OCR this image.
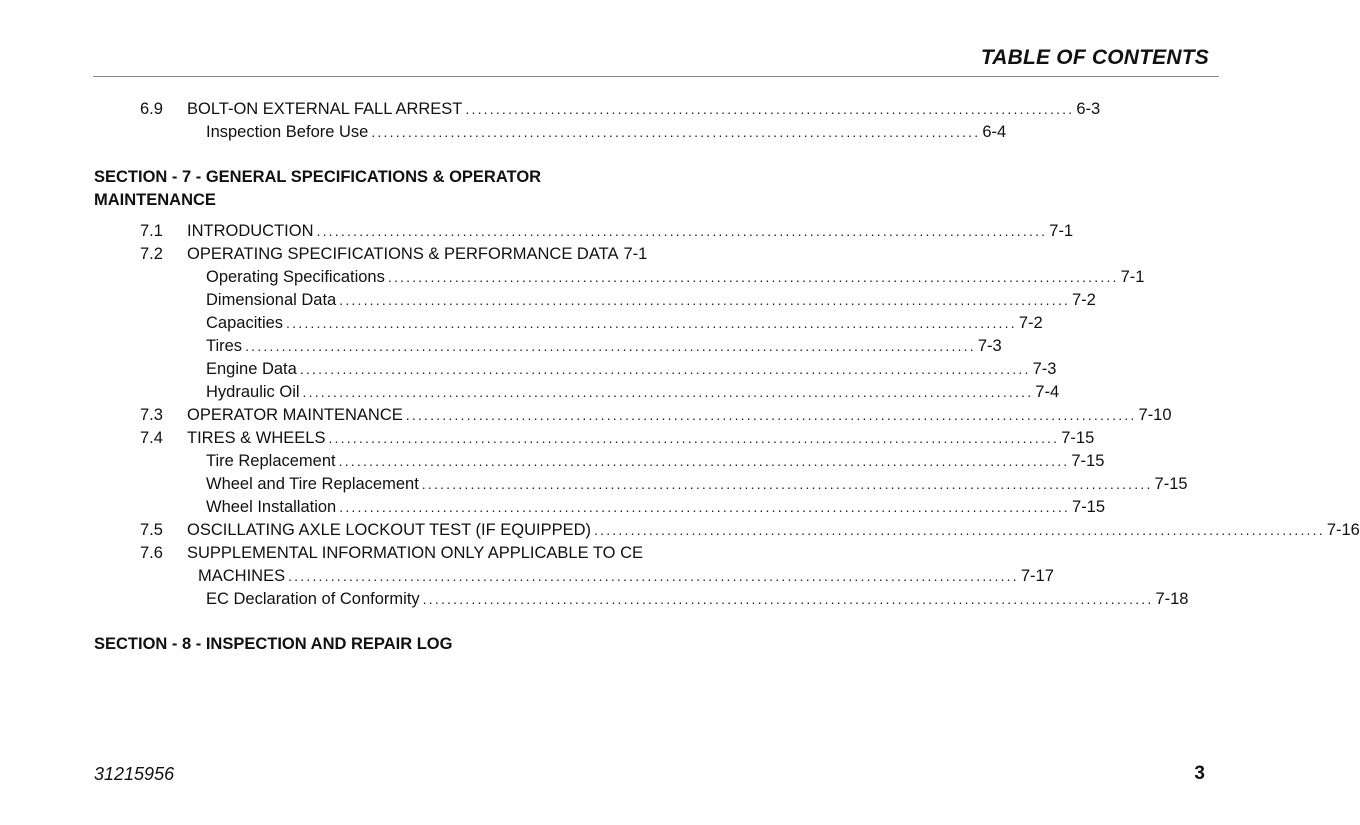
TABLE OF CONTENTS
6.9 BOLT-ON EXTERNAL FALL ARREST .................................................................................................... 6-3
Inspection Before Use .................................................................................................... 6-4
SECTION - 7 - GENERAL SPECIFICATIONS & OPERATOR MAINTENANCE
7.1 INTRODUCTION ........................................................................................................................ 7-1
7.2 OPERATING SPECIFICATIONS & PERFORMANCE DATA 7-1
Operating Specifications ........................................................................................................................ 7-1
Dimensional Data ........................................................................................................................ 7-2
Capacities ........................................................................................................................ 7-2
Tires ........................................................................................................................ 7-3
Engine Data ........................................................................................................................ 7-3
Hydraulic Oil ........................................................................................................................ 7-4
7.3 OPERATOR MAINTENANCE ........................................................................................................................ 7-10
7.4 TIRES & WHEELS ........................................................................................................................ 7-15
Tire Replacement ........................................................................................................................ 7-15
Wheel and Tire Replacement ........................................................................................................................ 7-15
Wheel Installation ........................................................................................................................ 7-15
7.5 OSCILLATING AXLE LOCKOUT TEST (IF EQUIPPED) ........................................................................................................................ 7-16
7.6 SUPPLEMENTAL INFORMATION ONLY APPLICABLE TO CE
MACHINES ........................................................................................................................ 7-17
EC Declaration of Conformity ........................................................................................................................ 7-18
SECTION - 8 - INSPECTION AND REPAIR LOG
31215956	3
